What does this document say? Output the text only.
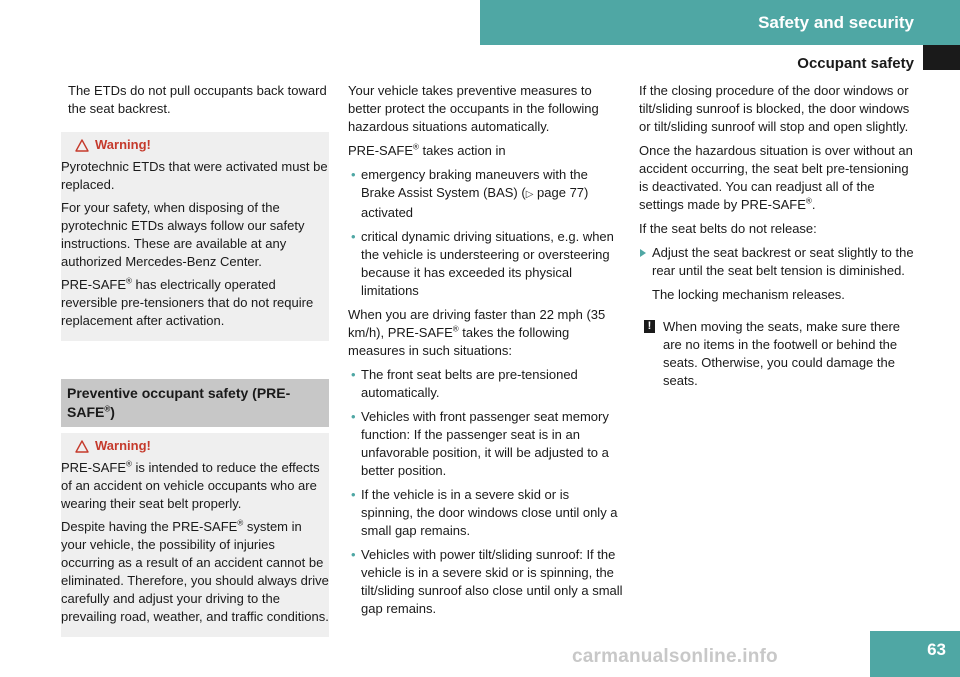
Safety and security
Occupant safety

The ETDs do not pull occupants back toward the seat backrest.

Warning!

Pyrotechnic ETDs that were activated must be replaced.

For your safety, when disposing of the pyrotechnic ETDs always follow our safety instructions. These are available at any authorized Mercedes-Benz Center.

PRE-SAFE® has electrically operated reversible pre-tensioners that do not require replacement after activation.

Preventive occupant safety (PRE-SAFE®)
Warning!

PRE-SAFE® is intended to reduce the effects of an accident on vehicle occupants who are wearing their seat belt properly.

Despite having the PRE-SAFE® system in your vehicle, the possibility of injuries occurring as a result of an accident cannot be eliminated. Therefore, you should always drive carefully and adjust your driving to the prevailing road, weather, and traffic conditions.

Your vehicle takes preventive measures to better protect the occupants in the following hazardous situations automatically.

PRE-SAFE® takes action in

• emergency braking maneuvers with the Brake Assist System (BAS) (▷ page 77) activated
• critical dynamic driving situations, e.g. when the vehicle is understeering or oversteering because it has exceeded its physical limitations

When you are driving faster than 22 mph (35 km/h), PRE-SAFE® takes the following measures in such situations:

• The front seat belts are pre-tensioned automatically.
• Vehicles with front passenger seat memory function: If the passenger seat is in an unfavorable position, it will be adjusted to a better position.
• If the vehicle is in a severe skid or is spinning, the door windows close until only a small gap remains.
• Vehicles with power tilt/sliding sunroof: If the vehicle is in a severe skid or is spinning, the tilt/sliding sunroof also close until only a small gap remains.

If the closing procedure of the door windows or tilt/sliding sunroof is blocked, the door windows or tilt/sliding sunroof will stop and open slightly.

Once the hazardous situation is over without an accident occurring, the seat belt pre-tensioning is deactivated. You can readjust all of the settings made by PRE-SAFE®.

If the seat belts do not release:

Adjust the seat backrest or seat slightly to the rear until the seat belt tension is diminished.

The locking mechanism releases.

! When moving the seats, make sure there are no items in the footwell or behind the seats. Otherwise, you could damage the seats.

carmanualsonline.info	63
